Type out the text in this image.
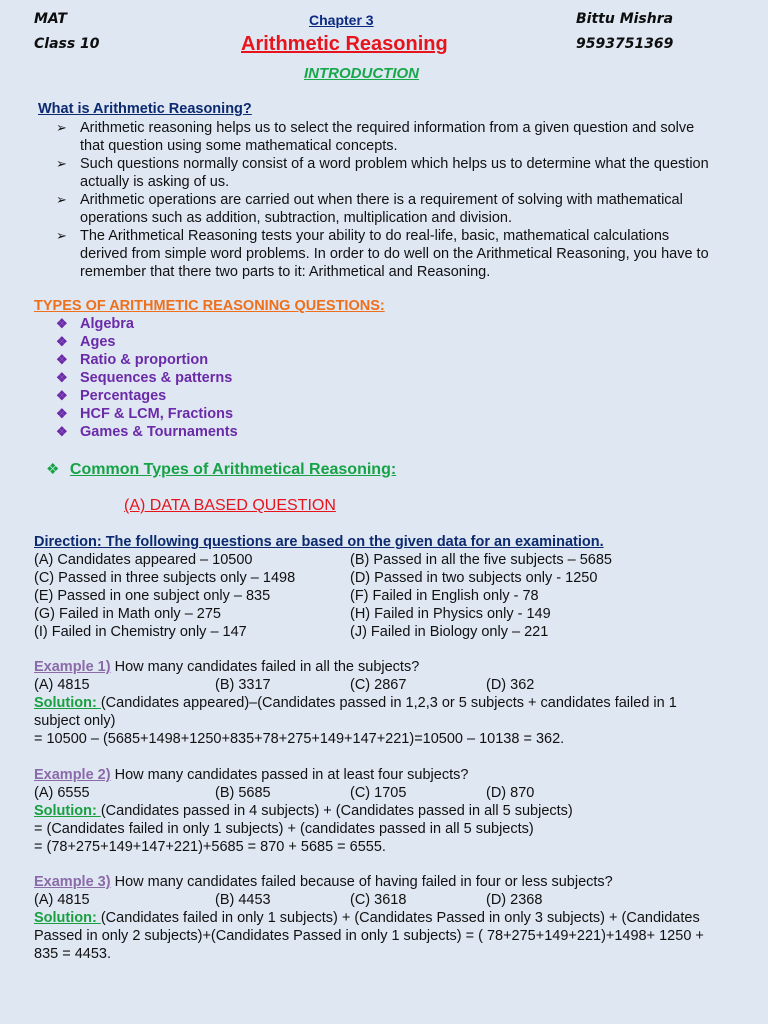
MAT
Class 10
Chapter 3
Arithmetic Reasoning
Bittu Mishra
9593751369
INTRODUCTION
What is Arithmetic Reasoning?
➢ Arithmetic reasoning helps us to select the required information from a given question and solve
that question using some mathematical concepts.
➢ Such questions normally consist of a word problem which helps us to determine what the question
actually is asking of us.
➢ Arithmetic operations are carried out when there is a requirement of solving with mathematical
operations such as addition, subtraction, multiplication and division.
➢ The Arithmetical Reasoning tests your ability to do real-life, basic, mathematical calculations
derived from simple word problems. In order to do well on the Arithmetical Reasoning, you have to
remember that there two parts to it: Arithmetical and Reasoning.
TYPES OF ARITHMETIC REASONING QUESTIONS:
❖ Algebra
❖ Ages
❖ Ratio & proportion
❖ Sequences & patterns
❖ Percentages
❖ HCF & LCM, Fractions
❖ Games & Tournaments
❖ Common Types of Arithmetical Reasoning:
(A) DATA BASED QUESTION
Direction: The following questions are based on the given data for an examination.
(A) Candidates appeared – 10500	(B) Passed in all the five subjects – 5685
(C) Passed in three subjects only – 1498	(D) Passed in two subjects only - 1250
(E) Passed in one subject only – 835	(F) Failed in English only - 78
(G) Failed in Math only – 275	(H) Failed in Physics only - 149
(I) Failed in Chemistry only – 147	(J) Failed in Biology only – 221
Example 1) How many candidates failed in all the subjects?
(A) 4815	(B) 3317	(C) 2867	(D) 362
Solution: (Candidates appeared)–(Candidates passed in 1,2,3 or 5 subjects + candidates failed in 1
subject only)
= 10500 – (5685+1498+1250+835+78+275+149+147+221)=10500 – 10138 = 362.
Example 2) How many candidates passed in at least four subjects?
(A) 6555	(B) 5685	(C) 1705	(D) 870
Solution: (Candidates passed in 4 subjects) + (Candidates passed in all 5 subjects)
= (Candidates failed in only 1 subjects) + (candidates passed in all 5 subjects)
= (78+275+149+147+221)+5685 = 870 + 5685 = 6555.
Example 3) How many candidates failed because of having failed in four or less subjects?
(A) 4815	(B) 4453	(C) 3618	(D) 2368
Solution: (Candidates failed in only 1 subjects) + (Candidates Passed in only 3 subjects) + (Candidates
Passed in only 2 subjects)+(Candidates Passed in only 1 subjects) = ( 78+275+149+221)+1498+ 1250 +
835 = 4453.
